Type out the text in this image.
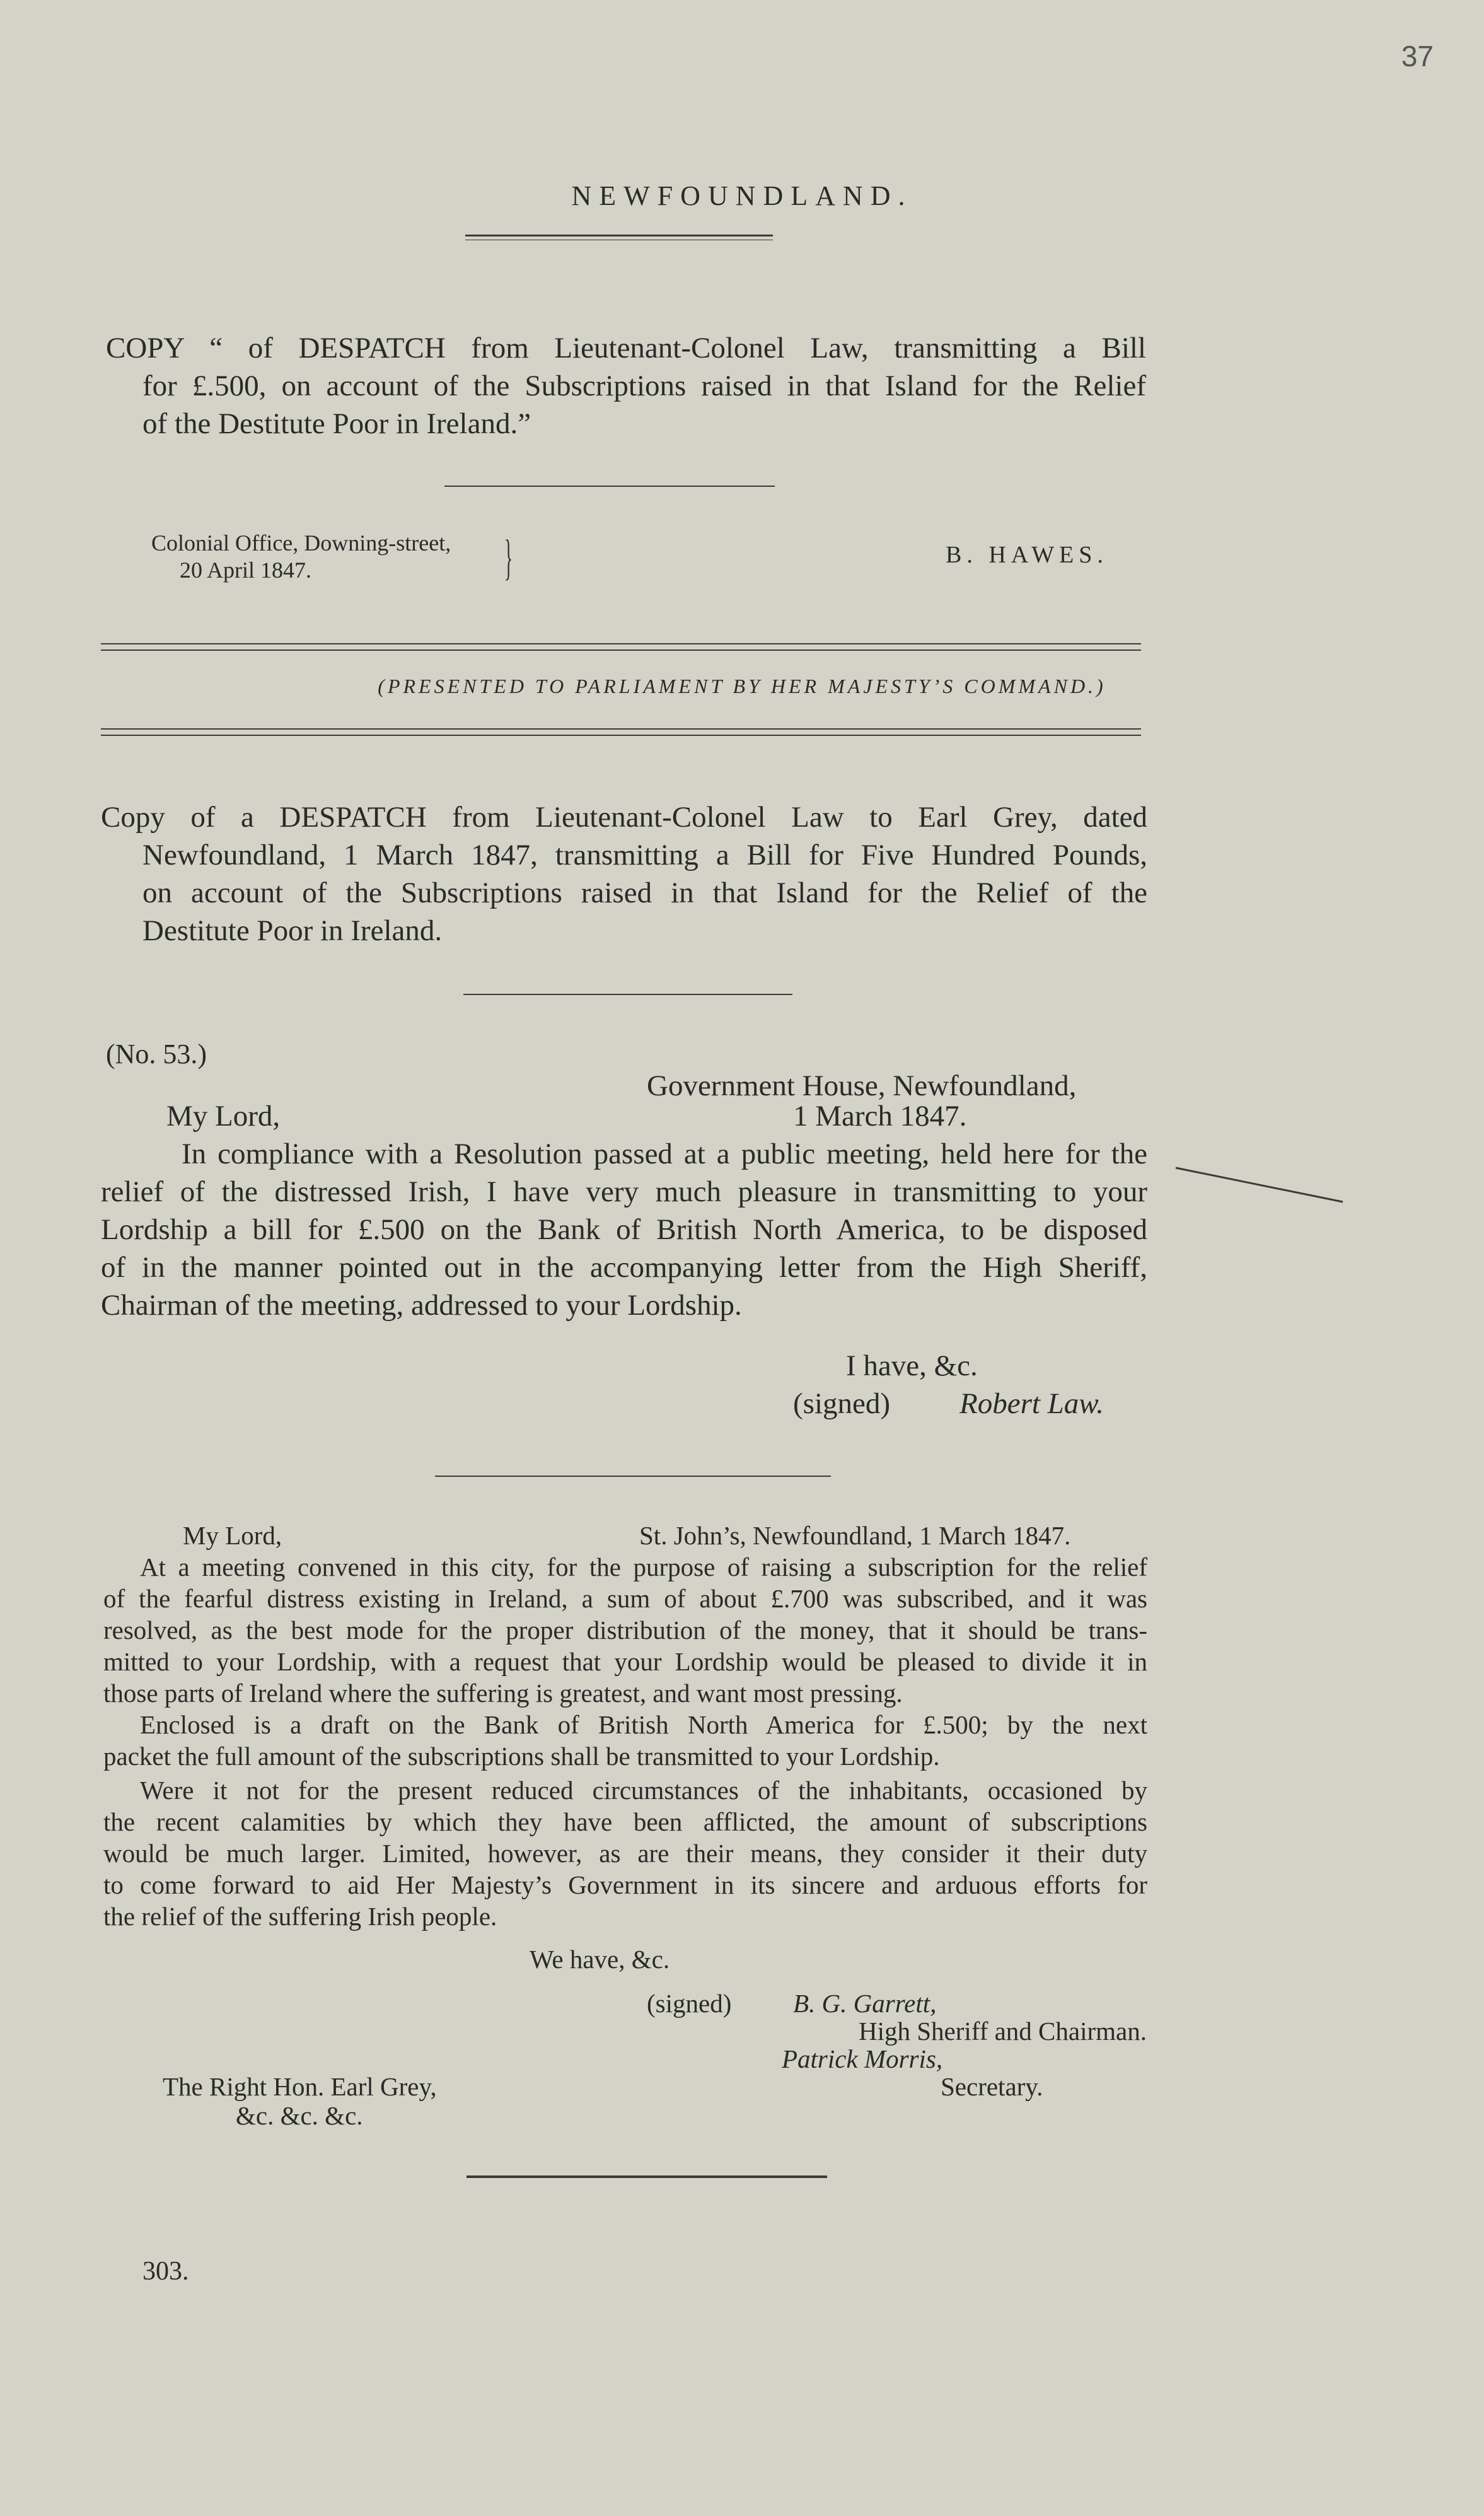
37
NEWFOUNDLAND.
COPY “ of DESPATCH from Lieutenant-Colonel Law, transmitting a Bill
for £.500, on account of the Subscriptions raised in that Island for the Relief
of the Destitute Poor in Ireland.”
Colonial Office, Downing-street,
20 April 1847.	}	B. HAWES.
(PRESENTED TO PARLIAMENT BY HER MAJESTY’S COMMAND.)
Copy of a DESPATCH from Lieutenant-Colonel Law to Earl Grey, dated
Newfoundland, 1 March 1847, transmitting a Bill for Five Hundred Pounds,
on account of the Subscriptions raised in that Island for the Relief of the
Destitute Poor in Ireland.
(No. 53.)
Government House, Newfoundland,
My Lord,	1 March 1847.
In compliance with a Resolution passed at a public meeting, held here for the
relief of the distressed Irish, I have very much pleasure in transmitting to your
Lordship a bill for £.500 on the Bank of British North America, to be disposed
of in the manner pointed out in the accompanying letter from the High Sheriff,
Chairman of the meeting, addressed to your Lordship.
I have, &c.
(signed) Robert Law.
My Lord,	St. John’s, Newfoundland, 1 March 1847.
At a meeting convened in this city, for the purpose of raising a subscription for the relief
of the fearful distress existing in Ireland, a sum of about £.700 was subscribed, and it was
resolved, as the best mode for the proper distribution of the money, that it should be trans-
mitted to your Lordship, with a request that your Lordship would be pleased to divide it in
those parts of Ireland where the suffering is greatest, and want most pressing.
Enclosed is a draft on the Bank of British North America for £.500; by the next
packet the full amount of the subscriptions shall be transmitted to your Lordship.
Were it not for the present reduced circumstances of the inhabitants, occasioned by
the recent calamities by which they have been afflicted, the amount of subscriptions
would be much larger. Limited, however, as are their means, they consider it their duty
to come forward to aid Her Majesty’s Government in its sincere and arduous efforts for
the relief of the suffering Irish people.
We have, &c.
(signed) B. G. Garrett,
High Sheriff and Chairman.
Patrick Morris,
Secretary.
The Right Hon. Earl Grey,
&c. &c. &c.
303.
